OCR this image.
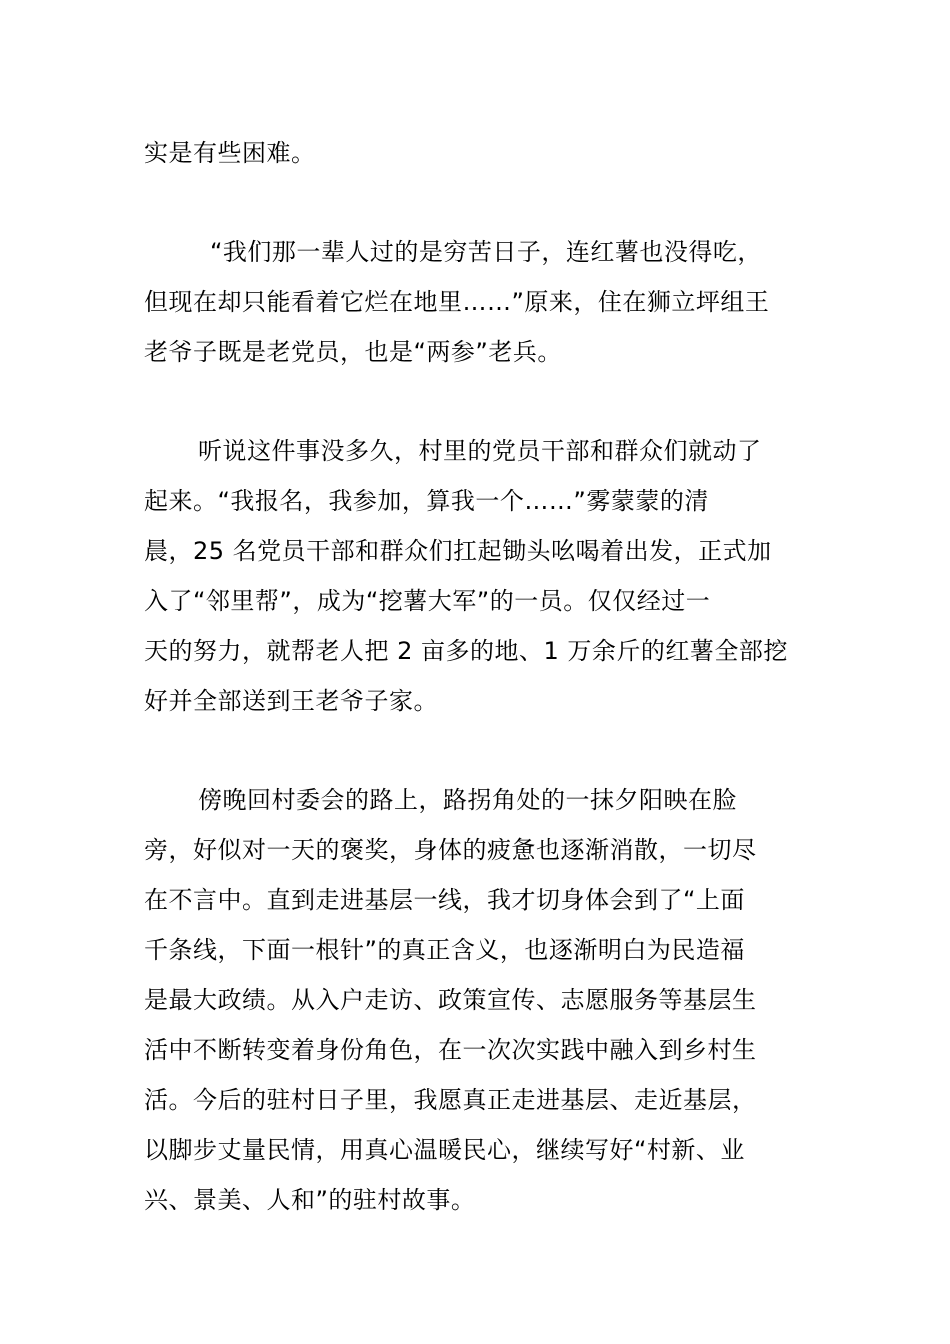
实是有些困难。

“我们那一辈人过的是穷苦日子，连红薯也没得吃，

但现在却只能看着它烂在地里……”原来，住在狮立坪组王

老爷子既是老党员，也是“两参”老兵。

听说这件事没多久，村里的党员干部和群众们就动了

起来。“我报名，我参加，算我一个……”雾蒙蒙的清

晨，25 名党员干部和群众们扛起锄头吆喝着出发，正式加

入了“邻里帮”，成为“挖薯大军”的一员。仅仅经过一

天的努力，就帮老人把 2 亩多的地、1 万余斤的红薯全部挖

好并全部送到王老爷子家。

傍晚回村委会的路上，路拐角处的一抹夕阳映在脸

旁，好似对一天的褒奖，身体的疲惫也逐渐消散，一切尽

在不言中。直到走进基层一线，我才切身体会到了“上面

千条线，下面一根针”的真正含义，也逐渐明白为民造福

是最大政绩。从入户走访、政策宣传、志愿服务等基层生

活中不断转变着身份角色，在一次次实践中融入到乡村生

活。今后的驻村日子里，我愿真正走进基层、走近基层，

以脚步丈量民情，用真心温暖民心，继续写好“村新、业

兴、景美、人和”的驻村故事。
